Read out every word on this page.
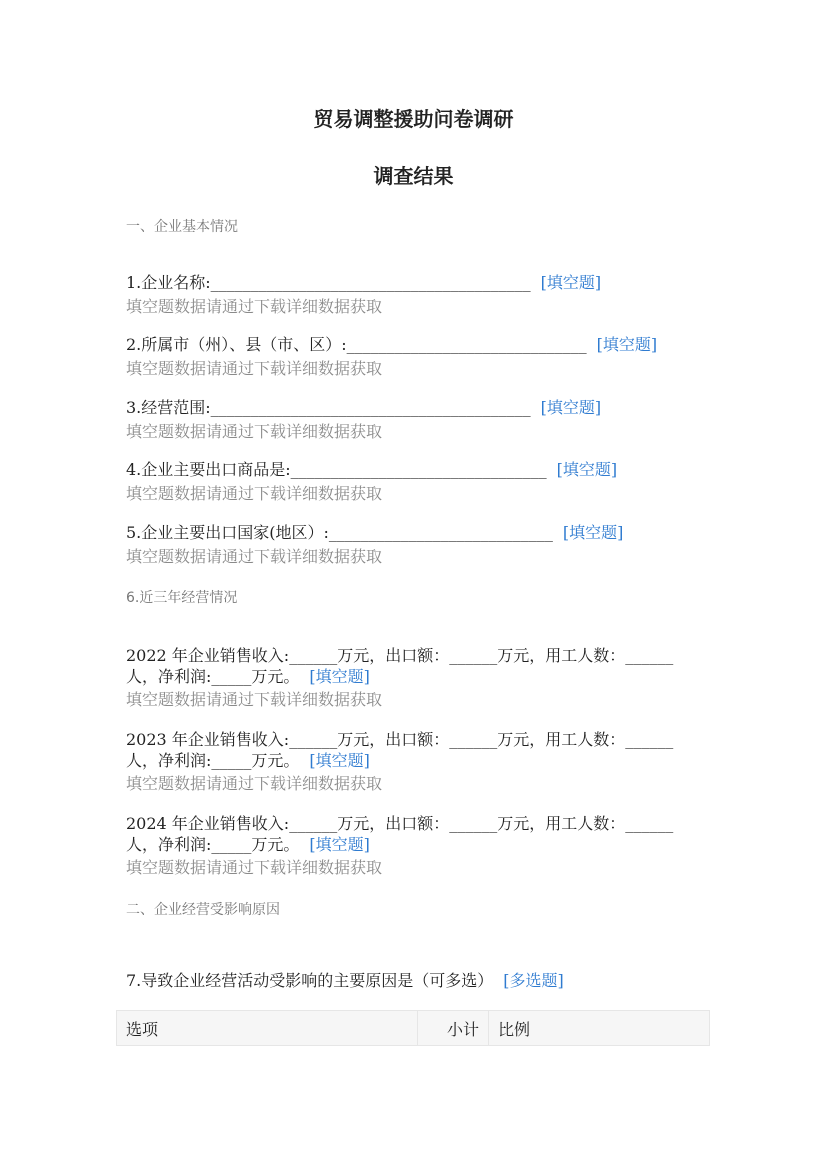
贸易调整援助问卷调研
调查结果
一、企业基本情况
1.企业名称:________________________________________ [填空题]
填空题数据请通过下载详细数据获取
2.所属市（州）、县（市、区）:______________________________ [填空题]
填空题数据请通过下载详细数据获取
3.经营范围:________________________________________ [填空题]
填空题数据请通过下载详细数据获取
4.企业主要出口商品是:________________________________ [填空题]
填空题数据请通过下载详细数据获取
5.企业主要出口国家(地区）:____________________________ [填空题]
填空题数据请通过下载详细数据获取
6.近三年经营情况
2022 年企业销售收入:______万元，出口额：______万元，用工人数：______
人，净利润:_____万元。 [填空题]
填空题数据请通过下载详细数据获取
2023 年企业销售收入:______万元，出口额：______万元，用工人数：______
人，净利润:_____万元。 [填空题]
填空题数据请通过下载详细数据获取
2024 年企业销售收入:______万元，出口额：______万元，用工人数：______
人，净利润:_____万元。 [填空题]
填空题数据请通过下载详细数据获取
二、企业经营受影响原因
7.导致企业经营活动受影响的主要原因是（可多选） [多选题]
选项	小计	比例
